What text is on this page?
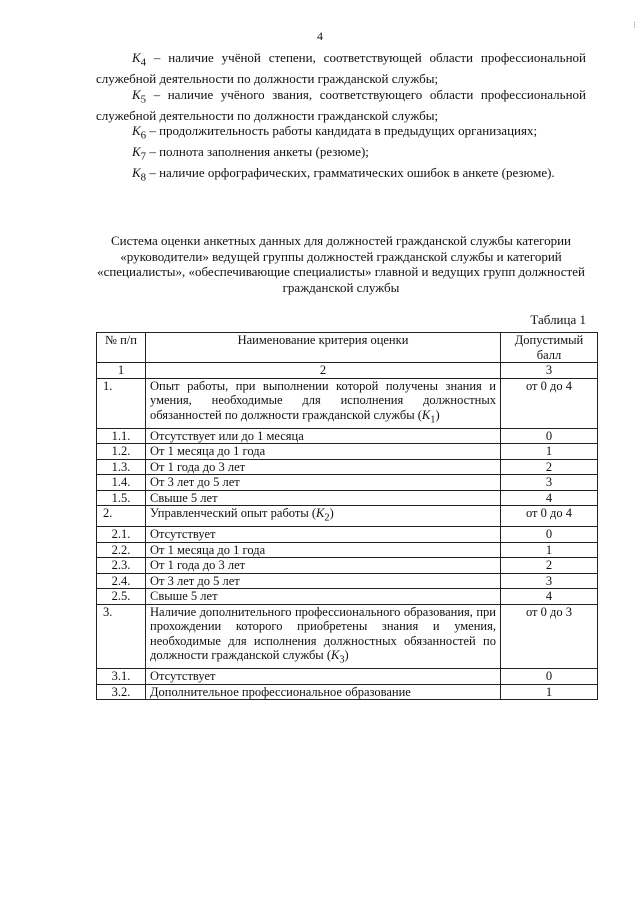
4

$K_4$ – наличие учёной степени, соответствующей области профессиональной служебной деятельности по должности гражданской службы;

$K_5$ – наличие учёного звания, соответствующего области профессиональной служебной деятельности по должности гражданской службы;

$K_6$ – продолжительность работы кандидата в предыдущих организациях;

$K_7$ – полнота заполнения анкеты (резюме);

$K_8$ – наличие орфографических, грамматических ошибок в анкете (резюме).

Система оценки анкетных данных для должностей гражданской службы категории «руководители» ведущей группы должностей гражданской службы и категорий «специалисты», «обеспечивающие специалисты» главной и ведущих групп должностей гражданской службы
Таблица 1
№ п/п	Наименование критерия оценки	Допустимый балл
1	2	3
1.	Опыт работы, при выполнении которой получены знания и умения, необходимые для исполнения должностных обязанностей по должности гражданской службы $(K_1)$	от 0 до 4
1.1.	Отсутствует или до 1 месяца	0
1.2.	От 1 месяца до 1 года	1
1.3.	От 1 года до 3 лет	2
1.4.	От 3 лет до 5 лет	3
1.5.	Свыше 5 лет	4
2.	Управленческий опыт работы $(K_2)$	от 0 до 4
2.1.	Отсутствует	0
2.2.	От 1 месяца до 1 года	1
2.3.	От 1 года до 3 лет	2
2.4.	От 3 лет до 5 лет	3
2.5.	Свыше 5 лет	4
3.	Наличие дополнительного профессионального образования, при прохождении которого приобретены знания и умения, необходимые для исполнения должностных обязанностей по должности гражданской службы $(K_3)$	от 0 до 3
3.1.	Отсутствует	0
3.2.	Дополнительное профессиональное образование	1
⁝
